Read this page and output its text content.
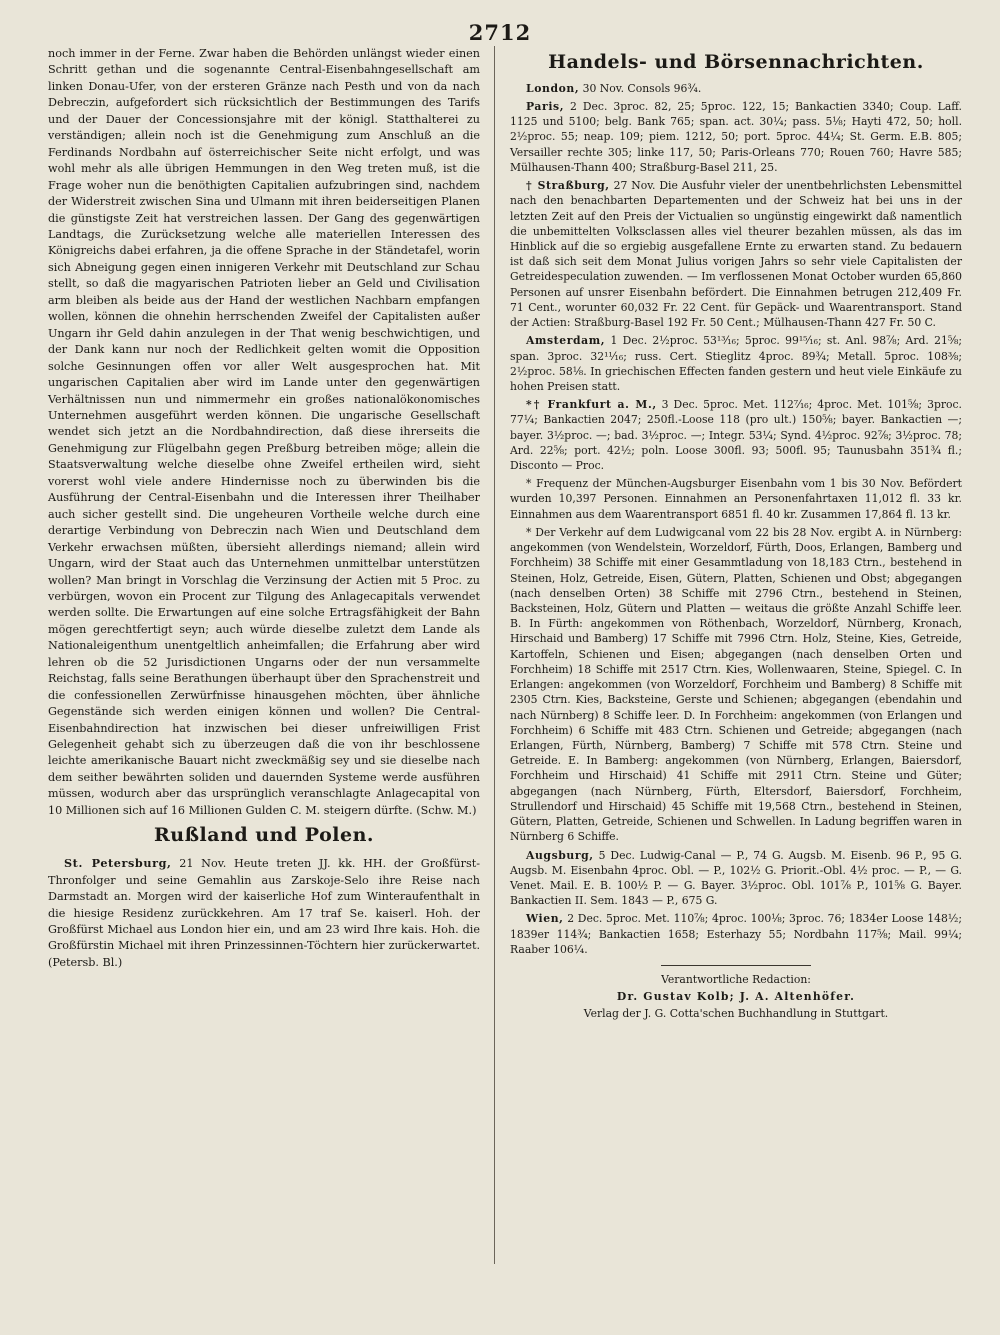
2712

noch immer in der Ferne. Zwar haben die Behörden unlängst wieder einen Schritt gethan und die sogenannte Central-Eisenbahngesellschaft am linken Donau-Ufer, von der ersteren Gränze nach Pesth und von da nach Debreczin, aufgefordert sich rücksichtlich der Bestimmungen des Tarifs und der Dauer der Concessionsjahre mit der königl. Statthalterei zu verständigen; allein noch ist die Genehmigung zum Anschluß an die Ferdinands Nordbahn auf österreichischer Seite nicht erfolgt, und was wohl mehr als alle übrigen Hemmungen in den Weg treten muß, ist die Frage woher nun die benöthigten Capitalien aufzubringen sind, nachdem der Widerstreit zwischen Sina und Ulmann mit ihren beiderseitigen Planen die günstigste Zeit hat verstreichen lassen. Der Gang des gegenwärtigen Landtags, die Zurücksetzung welche alle materiellen Interessen des Königreichs dabei erfahren, ja die offene Sprache in der Ständetafel, worin sich Abneigung gegen einen innigeren Verkehr mit Deutschland zur Schau stellt, so daß die magyarischen Patrioten lieber an Geld und Civilisation arm bleiben als beide aus der Hand der westlichen Nachbarn empfangen wollen, können die ohnehin herrschenden Zweifel der Capitalisten außer Ungarn ihr Geld dahin anzulegen in der That wenig beschwichtigen, und der Dank kann nur noch der Redlichkeit gelten womit die Opposition solche Gesinnungen offen vor aller Welt ausgesprochen hat. Mit ungarischen Capitalien aber wird im Lande unter den gegenwärtigen Verhältnissen nun und nimmermehr ein großes nationalökonomisches Unternehmen ausgeführt werden können. Die ungarische Gesellschaft wendet sich jetzt an die Nordbahndirection, daß diese ihrerseits die Genehmigung zur Flügelbahn gegen Preßburg betreiben möge; allein die Staatsverwaltung welche dieselbe ohne Zweifel ertheilen wird, sieht vorerst wohl viele andere Hindernisse noch zu überwinden bis die Ausführung der Central-Eisenbahn und die Interessen ihrer Theilhaber auch sicher gestellt sind. Die ungeheuren Vortheile welche durch eine derartige Verbindung von Debreczin nach Wien und Deutschland dem Verkehr erwachsen müßten, übersieht allerdings niemand; allein wird Ungarn, wird der Staat auch das Unternehmen unmittelbar unterstützen wollen? Man bringt in Vorschlag die Verzinsung der Actien mit 5 Proc. zu verbürgen, wovon ein Procent zur Tilgung des Anlagecapitals verwendet werden sollte. Die Erwartungen auf eine solche Ertragsfähigkeit der Bahn mögen gerechtfertigt seyn; auch würde dieselbe zuletzt dem Lande als Nationaleigenthum unentgeltlich anheimfallen; die Erfahrung aber wird lehren ob die 52 Jurisdictionen Ungarns oder der nun versammelte Reichstag, falls seine Berathungen überhaupt über den Sprachenstreit und die confessionellen Zerwürfnisse hinausgehen möchten, über ähnliche Gegenstände sich werden einigen können und wollen? Die Central-Eisenbahndirection hat inzwischen bei dieser unfreiwilligen Frist Gelegenheit gehabt sich zu überzeugen daß die von ihr beschlossene leichte amerikanische Bauart nicht zweckmäßig sey und sie dieselbe nach dem seither bewährten soliden und dauernden Systeme werde ausführen müssen, wodurch aber das ursprünglich veranschlagte Anlagecapital von 10 Millionen sich auf 16 Millionen Gulden C. M. steigern dürfte. (Schw. M.)

Rußland und Polen.

St. Petersburg, 21 Nov. Heute treten JJ. kk. HH. der Großfürst-Thronfolger und seine Gemahlin aus Zarskoje-Selo ihre Reise nach Darmstadt an. Morgen wird der kaiserliche Hof zum Winteraufenthalt in die hiesige Residenz zurückkehren. Am 17 traf Se. kaiserl. Hoh. der Großfürst Michael aus London hier ein, und am 23 wird Ihre kais. Hoh. die Großfürstin Michael mit ihren Prinzessinnen-Töchtern hier zurückerwartet. (Petersb. Bl.)

Handels- und Börsennachrichten.

London, 30 Nov. Consols 96¾.

Paris, 2 Dec. 3proc. 82, 25; 5proc. 122, 15; Bankactien 3340; Coup. Laff. 1125 und 5100; belg. Bank 765; span. act. 30¼; pass. 5⅛; Hayti 472, 50; holl. 2½proc. 55; neap. 109; piem. 1212, 50; port. 5proc. 44¼; St. Germ. E.B. 805; Versailler rechte 305; linke 117, 50; Paris-Orleans 770; Rouen 760; Havre 585; Mülhausen-Thann 400; Straßburg-Basel 211, 25.

† Straßburg, 27 Nov. Die Ausfuhr vieler der unentbehrlichsten Lebensmittel nach den benachbarten Departementen und der Schweiz hat bei uns in der letzten Zeit auf den Preis der Victualien so ungünstig eingewirkt daß namentlich die unbemittelten Volksclassen alles viel theurer bezahlen müssen, als das im Hinblick auf die so ergiebig ausgefallene Ernte zu erwarten stand. Zu bedauern ist daß sich seit dem Monat Julius vorigen Jahrs so sehr viele Capitalisten der Getreidespeculation zuwenden. — Im verflossenen Monat October wurden 65,860 Personen auf unsrer Eisenbahn befördert. Die Einnahmen betrugen 212,409 Fr. 71 Cent., worunter 60,032 Fr. 22 Cent. für Gepäck- und Waarentransport. Stand der Actien: Straßburg-Basel 192 Fr. 50 Cent.; Mülhausen-Thann 427 Fr. 50 C.

Amsterdam, 1 Dec. 2½proc. 53¹³⁄₁₆; 5proc. 99¹⁵⁄₁₆; st. Anl. 98⅞; Ard. 21⅝; span. 3proc. 32¹¹⁄₁₆; russ. Cert. Stieglitz 4proc. 89¾; Metall. 5proc. 108⅜; 2½proc. 58⅛. In griechischen Effecten fanden gestern und heut viele Einkäufe zu hohen Preisen statt.

*† Frankfurt a. M., 3 Dec. 5proc. Met. 112⁷⁄₁₆; 4proc. Met. 101⅝; 3proc. 77¼; Bankactien 2047; 250fl.-Loose 118 (pro ult.) 150⅝; bayer. Bankactien —; bayer. 3½proc. —; bad. 3½proc. —; Integr. 53¼; Synd. 4½proc. 92⅞; 3½proc. 78; Ard. 22⅝; port. 42½; poln. Loose 300fl. 93; 500fl. 95; Taunusbahn 351¾ fl.; Disconto — Proc.

* Frequenz der München-Augsburger Eisenbahn vom 1 bis 30 Nov. Befördert wurden 10,397 Personen. Einnahmen an Personenfahrtaxen 11,012 fl. 33 kr. Einnahmen aus dem Waarentransport 6851 fl. 40 kr. Zusammen 17,864 fl. 13 kr.

* Der Verkehr auf dem Ludwigcanal vom 22 bis 28 Nov. ergibt A. in Nürnberg: angekommen (von Wendelstein, Worzeldorf, Fürth, Doos, Erlangen, Bamberg und Forchheim) 38 Schiffe mit einer Gesammtladung von 18,183 Ctrn., bestehend in Steinen, Holz, Getreide, Eisen, Gütern, Platten, Schienen und Obst; abgegangen (nach denselben Orten) 38 Schiffe mit 2796 Ctrn., bestehend in Steinen, Backsteinen, Holz, Gütern und Platten — weitaus die größte Anzahl Schiffe leer. B. In Fürth: angekommen von Röthenbach, Worzeldorf, Nürnberg, Kronach, Hirschaid und Bamberg) 17 Schiffe mit 7996 Ctrn. Holz, Steine, Kies, Getreide, Kartoffeln, Schienen und Eisen; abgegangen (nach denselben Orten und Forchheim) 18 Schiffe mit 2517 Ctrn. Kies, Wollenwaaren, Steine, Spiegel. C. In Erlangen: angekommen (von Worzeldorf, Forchheim und Bamberg) 8 Schiffe mit 2305 Ctrn. Kies, Backsteine, Gerste und Schienen; abgegangen (ebendahin und nach Nürnberg) 8 Schiffe leer. D. In Forchheim: angekommen (von Erlangen und Forchheim) 6 Schiffe mit 483 Ctrn. Schienen und Getreide; abgegangen (nach Erlangen, Fürth, Nürnberg, Bamberg) 7 Schiffe mit 578 Ctrn. Steine und Getreide. E. In Bamberg: angekommen (von Nürnberg, Erlangen, Baiersdorf, Forchheim und Hirschaid) 41 Schiffe mit 2911 Ctrn. Steine und Güter; abgegangen (nach Nürnberg, Fürth, Eltersdorf, Baiersdorf, Forchheim, Strullendorf und Hirschaid) 45 Schiffe mit 19,568 Ctrn., bestehend in Steinen, Gütern, Platten, Getreide, Schienen und Schwellen. In Ladung begriffen waren in Nürnberg 6 Schiffe.

Augsburg, 5 Dec. Ludwig-Canal — P., 74 G. Augsb. M. Eisenb. 96 P., 95 G. Augsb. M. Eisenbahn 4proc. Obl. — P., 102½ G. Priorit.-Obl. 4½ proc. — P., — G. Venet. Mail. E. B. 100½ P. — G. Bayer. 3½proc. Obl. 101⅞ P., 101⅝ G. Bayer. Bankactien II. Sem. 1843 — P., 675 G.

Wien, 2 Dec. 5proc. Met. 110⅞; 4proc. 100⅛; 3proc. 76; 1834er Loose 148½; 1839er 114¾; Bankactien 1658; Esterhazy 55; Nordbahn 117⅝; Mail. 99¼; Raaber 106¼.

Verantwortliche Redaction:
Dr. Gustav Kolb; J. A. Altenhöfer.
Verlag der J. G. Cotta'schen Buchhandlung in Stuttgart.
